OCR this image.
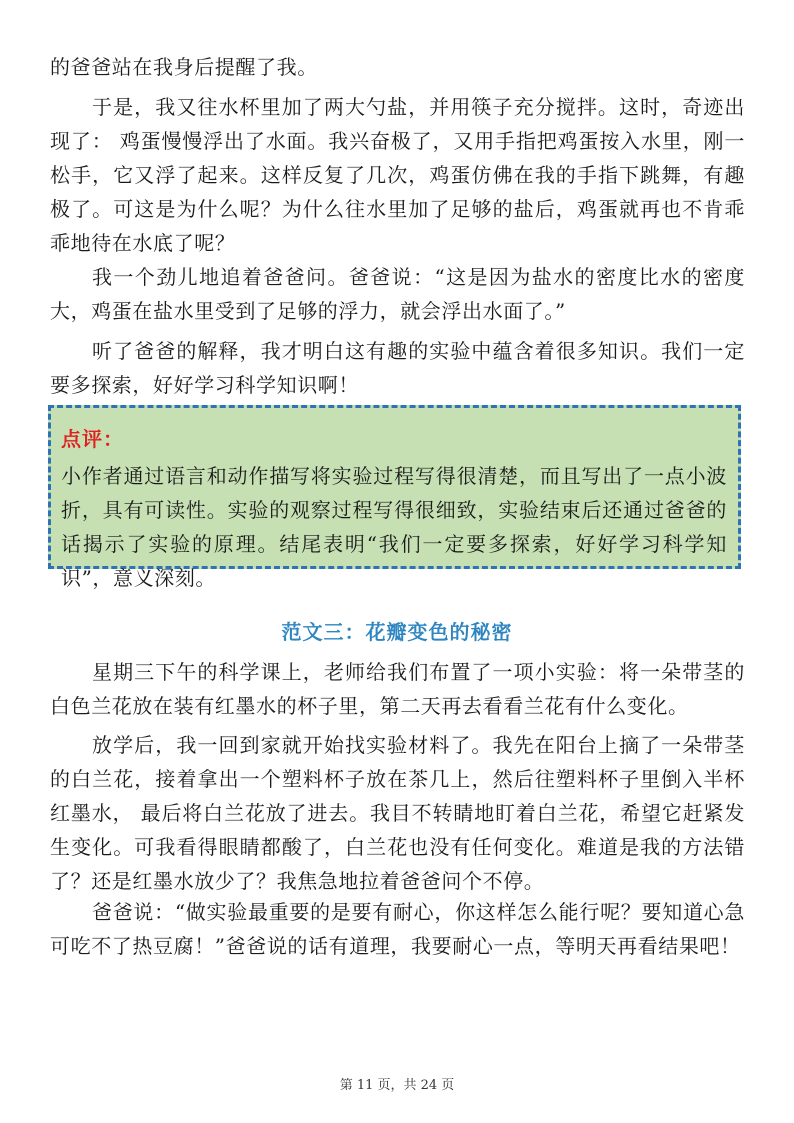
的爸爸站在我身后提醒了我。

于是，我又往水杯里加了两大勺盐，并用筷子充分搅拌。这时，奇迹出现了： 鸡蛋慢慢浮出了水面。我兴奋极了，又用手指把鸡蛋按入水里，刚一松手，它又浮了起来。这样反复了几次，鸡蛋仿佛在我的手指下跳舞，有趣极了。可这是为什么呢？为什么往水里加了足够的盐后，鸡蛋就再也不肯乖乖地待在水底了呢？

我一个劲儿地追着爸爸问。爸爸说：“这是因为盐水的密度比水的密度大，鸡蛋在盐水里受到了足够的浮力，就会浮出水面了。”

听了爸爸的解释，我才明白这有趣的实验中蕴含着很多知识。我们一定要多探索，好好学习科学知识啊！

点评：
小作者通过语言和动作描写将实验过程写得很清楚，而且写出了一点小波折，具有可读性。实验的观察过程写得很细致，实验结束后还通过爸爸的话揭示了实验的原理。结尾表明“我们一定要多探索，好好学习科学知识”，意义深刻。
范文三：花瓣变色的秘密

星期三下午的科学课上，老师给我们布置了一项小实验：将一朵带茎的白色兰花放在装有红墨水的杯子里，第二天再去看看兰花有什么变化。

放学后，我一回到家就开始找实验材料了。我先在阳台上摘了一朵带茎的白兰花，接着拿出一个塑料杯子放在茶几上，然后往塑料杯子里倒入半杯红墨水， 最后将白兰花放了进去。我目不转睛地盯着白兰花，希望它赶紧发生变化。可我看得眼睛都酸了，白兰花也没有任何变化。难道是我的方法错了？还是红墨水放少了？我焦急地拉着爸爸问个不停。

爸爸说：“做实验最重要的是要有耐心，你这样怎么能行呢？要知道心急可吃不了热豆腐！”爸爸说的话有道理，我要耐心一点，等明天再看结果吧！

第 11 页，共 24 页
